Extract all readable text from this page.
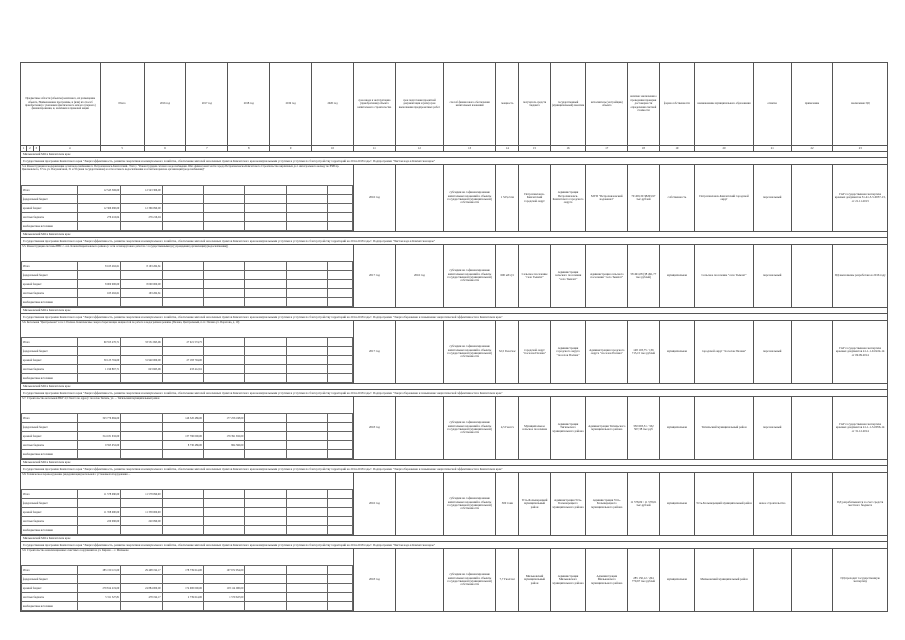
Предметные области (объекты) комплекса, их размещение объекта, Наименование программы, и (или) их способ приобретения) с указанием фактического или его (первого) финансирования, и, наличием в правовой акции	Итого	2016 год	2017 год	2018 год	2019 год	2020 год	срок ввода в эксплуатацию (приобретения) объекта капитального строительства	срок подготовки проектной документации и (или) срок выполнения предпроектных работ	способ финансового обеспечения капитальных вложений	мощность	получатель средств бюджета	государственный (муниципальный) заказчик	исполнитель (застройщик) объекта	наличие заключения о проведении проверки достоверности определения сметной стоимости	форма собственности	наименование муниципального образования	отметка	примечание	заключение ПД
1	2	3	4	5	6	7	8	9	10	11	12	13	14	15	16	17	18	19	20	21	22	23
Мильковский МО в Камчатском крае
Государственная программа Камчатского края "Энергоэффективность, развитие энергетики и коммунального хозяйства, обеспечение жителей населенных пунктов Камчатского края коммунальными услугами и услугами по благоустройству территорий на 2014-2018 годы". Подпрограмма "Чистая вода в Камчатском крае"

3.4. Реконструкция и модернизация сетей водоснабжения п. Петропавловск-Камчатский. Этап 1. "Реконструкция сетевого водоснабжения. Шаг-финансовой части города Петропавловска-Камчатского Строительство кирпичных до 1 интегрального кольцу по РЧВ пр. Циолковского, 37 по ул. Пограничной, 31 и 35 (иная государственная) и сети сетевого водоснабжения и сетей материалов организаций (водоснабжения)"
Итого	12 543 306,00	12 543 306,00					
федеральный бюджет							
краевой бюджет	12 366 090,00	12 366 090,00					
местные бюджеты	276 216,04	276 216,04					
внебюджетные источники							
	2016 год		субсидии на софинансирование капитальных вложений в объекты государственной (муниципальной) собственности	1 523,2 пм	Петропавловск-Камчатский городской округ	Администрация Петропавловск-Камчатского городского округа	МУП "Петропавловский водоканал"	79 459,30 38263,97 тыс.рублей	собственность	Петропавловск-Камчатский городской округ	персональный		ГАУ государственная экспертиза краевых документов 31-41-3-5-0037-13, от 21.11.2013
Мильковский МО в Камчатском крае
Государственная программа Камчатского края "Энергоэффективность, развитие энергетики и коммунального хозяйства, обеспечение жителей населенных пунктов Камчатского края коммунальными услугами и услугами по благоустройству территорий на 2014-2018 годы". Подпрограмма "Чистая вода в Камчатском крае"

3.5. Реконструкция системы ВНС с. сел. Ключи Кирилловского района (с сети сетей кругового работах с государственными (и) учреждения (организаций) (водоснабжения))
Итого	8 163 262,61	8 163 262,61					
федеральный бюджет							
краевой бюджет	8 000 000,00	8 000 000,00					
местные бюджеты	163 262,61	163 262,61					
внебюджетные источники							
	2017 год	2016 год	субсидии на софинансирование капитальных вложений в объекты государственной (муниципальной) собственности	600 м3/сут	Сельское поселение "село Тымлат"	Администрация сельского поселения "село Тымлат"	Администрация сельского поселения "село Тымлат"	58 491,08 (38 491,77 тыс.рублей)	муниципальная	Сельское поселение "село Тымлат"	персональный		ПД выполнены разработана в 2016 году
Мильковский МО в Камчатском крае
Государственная программа Камчатского края "Энергоэффективность, развитие энергетики и коммунального хозяйства, обеспечение жителей населенных пунктов Камчатского края коммунальными услугами и услугами по благоустройству территорий на 2014-2018 годы". Подпрограмма "Энергосбережение и повышение энергетической эффективности в Камчатском крае"

3.6. Котельная "Центральная" в п.г.т. Палана. Комплексные энергосберегающие мощностей по работе в водогрейном режиме (Палана, Центральный, п.г.т. Палана ул. Поротова, д. 10)
Итого	60 553 270,71	33 531 695,96	27 021 574,75				
федеральный бюджет							
краевой бюджет	59 123 704,00	31 940 000,00	27 183 704,00				
местные бюджеты	1 199 867,71	623 665,96	433 412,61				
внебюджетные источники							
	2017 год		субсидии на софинансирование капитальных вложений в объекты государственной (муниципальной) собственности	32,5 Гкал/час	городской округ "поселок Палана"	Администрация городского округа "поселок Палана"	Администрация городского округа "поселок Палана"	148 103,75 / 136 715,15 тыс.рублей	муниципальная	городской округ "поселок Палана"	персональный		ГАУ государственная экспертиза краевых документов 41-1-1-0-0224-14 от 09.09.2014
Мильковский МО в Камчатском крае
Государственная программа Камчатского края "Энергоэффективность, развитие энергетики и коммунального хозяйства, обеспечение жителей населенных пунктов Камчатского края коммунальными услугами и услугами по благоустройству территорий на 2014-2018 годы". Подпрограмма "Энергосбережение и повышение энергетической эффективности в Камчатском крае"

3.7. Строительство котельной ВКУ 4,5 Гкал/ч по адресу: поселок Тыгиль, ул. ... Тигильский муниципальный район
Итого	323 776 684,00		146 520 486,00	177 256 198,00			
федеральный бюджет							
краевой бюджет	314 181 632,00		137 790 000,00	176 391 632,00			
местные бюджеты	9 595 052,00		8 730 486,00	864 566,00			
внебюджетные источники							
	2018 год		субсидии на софинансирование капитальных вложений в объекты государственной (муниципальной) собственности	4,5 Гкал/ч	Муниципальное сельское поселение	Администрация Тигильского муниципального района	Администрация Тигильского муниципального района	350 693,51 / 332 507,38 тыс.руб	муниципальная	Тигильский муниципальный район	персональный		ГАУ государственная экспертиза краевых документов 41-1-1-3-0056-14 от 31.12.2014
Мильковский МО в Камчатском крае
Государственная программа Камчатского края "Энергоэффективность, развитие энергетики и коммунального хозяйства, обеспечение жителей населенных пунктов Камчатского края коммунальными услугами и услугами по благоустройству территорий на 2014-2018 годы". Подпрограмма "Энергосбережение и повышение энергетической эффективности в Камчатском крае"

3.8. Техническое перевооружение (модернизация) котельной с установкой оборудования ...
Итого	11 578 090,00	11 578 090,00					
федеральный бюджет							
краевой бюджет	11 358 000,00	11 358 000,00					
местные бюджеты	220 090,00	220 090,00					
внебюджетные источники							
	2016 год		субсидии на софинансирование капитальных вложений в объекты государственной (муниципальной) собственности	300 тонн	Усть-Большерецкий муниципальный район	Администрация Усть-Большерецкого муниципального района	Администрация Усть-Большерецкого муниципального района	11 578,09 / 11 578,01 тыс.рублей	муниципальная	Усть-Большерецкий муниципальный район	новое строительство		ПД разрабатывается за счет средств местного бюджета
Мильковский МО в Камчатском крае
Государственная программа Камчатского края "Энергоэффективность, развитие энергетики и коммунального хозяйства, обеспечение жителей населенных пунктов Камчатского края коммунальными услугами и услугами по благоустройству территорий на 2014-2018 годы". Подпрограмма "Чистая вода в Камчатском крае"

3.9. Строительство канализационных очистных сооружений на ул. Кирова ... с. Мильково
Итого	285 150 115,00	29 408 192,17	178 739 614,00	107 672 954,00			
федеральный бюджет							
краевой бюджет	279 814 219,00	24 884 000,00	174 000 000,00	103 114 000,00			
местные бюджеты	5 311 327,81	478 192,17	2 739 614,00	1 579 647,00			
внебюджетные источники							
	2018 год		субсидии на софинансирование капитальных вложений в объекты государственной (муниципальной) собственности	7,7 Гкал/час	Мильковский муниципальный район	Администрация Мильковского муниципального района	Администрация Мильковского муниципального района	285 150,12 / 264 770,67 тыс.рублей	муниципальная	Мильковский муниципальный район			ПД проходит государственную экспертизу
